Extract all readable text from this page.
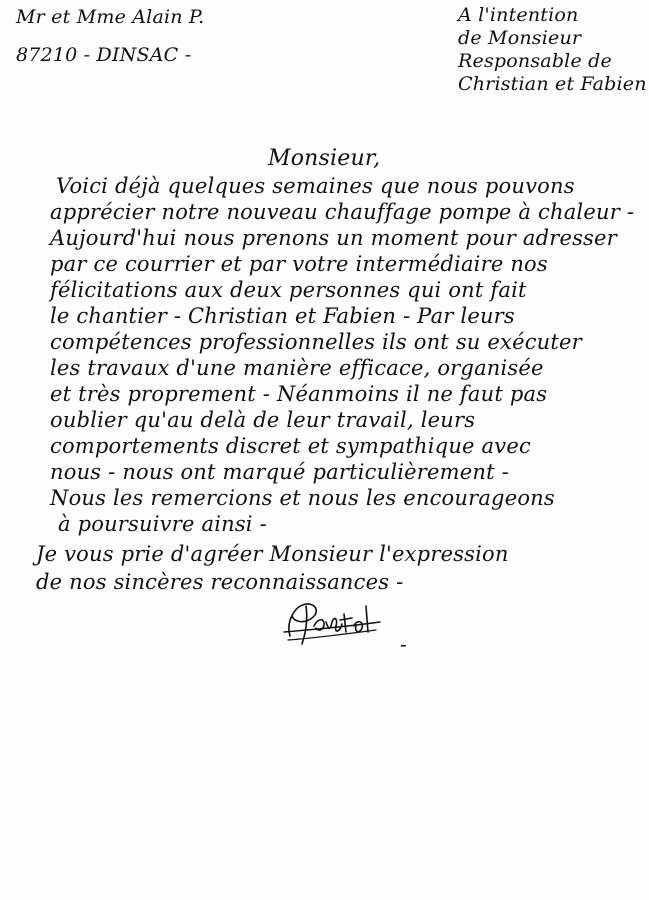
Mr et Mme Alain P.
87210 - DINSAC -
A l'intention
de Monsieur
Responsable de
Christian et Fabien
Monsieur,
Voici déjà quelques semaines que nous pouvons
apprécier notre nouveau chauffage pompe à chaleur -
Aujourd'hui nous prenons un moment pour adresser
par ce courrier et par votre intermédiaire nos
félicitations aux deux personnes qui ont fait
le chantier - Christian et Fabien - Par leurs
compétences professionnelles ils ont su exécuter
les travaux d'une manière efficace, organisée
et très proprement - Néanmoins il ne faut pas
oublier qu'au delà de leur travail, leurs
comportements discret et sympathique avec
nous - nous ont marqué particulièrement -
Nous les remercions et nous les encourageons
à poursuivre ainsi -
Je vous prie d'agréer Monsieur l'expression
de nos sincères reconnaissances -
-
